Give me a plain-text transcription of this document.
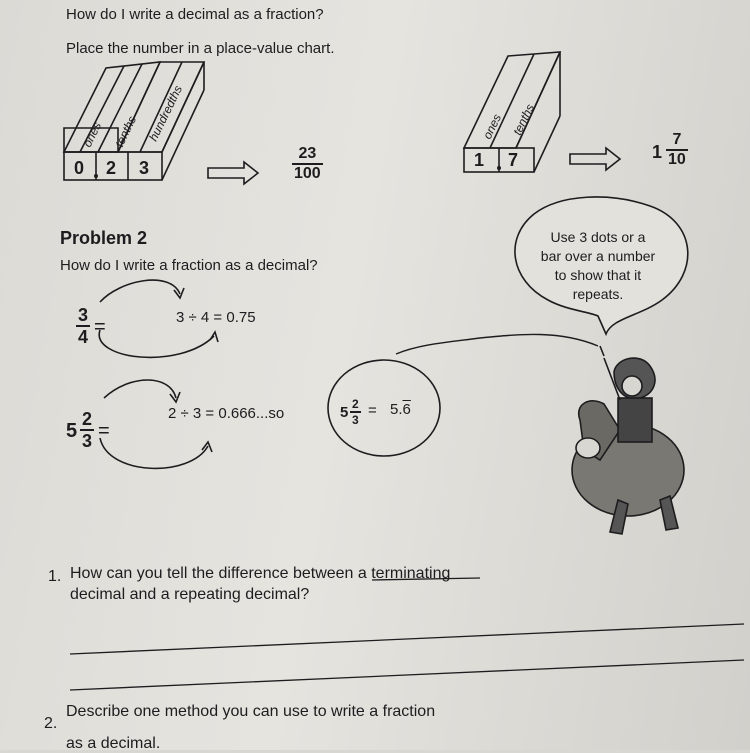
How do I write a decimal as a fraction?
Place the number in a place-value chart.
ones tenths hundredths
0 2 3
ones tenths
1 7
23
100
1
7
10
Problem 2
How do I write a fraction as a decimal?
3
4 =	3 ÷ 4 = 0.75
5
2
3 =
2 ÷ 3 = 0.666...so	5 2
3
= 5.6
Use 3 dots or a
bar over a number
to show that it
repeats.
1. How can you tell the difference between a terminating
decimal and a repeating decimal?
2.
Describe one method you can use to write a fraction
as a decimal.
